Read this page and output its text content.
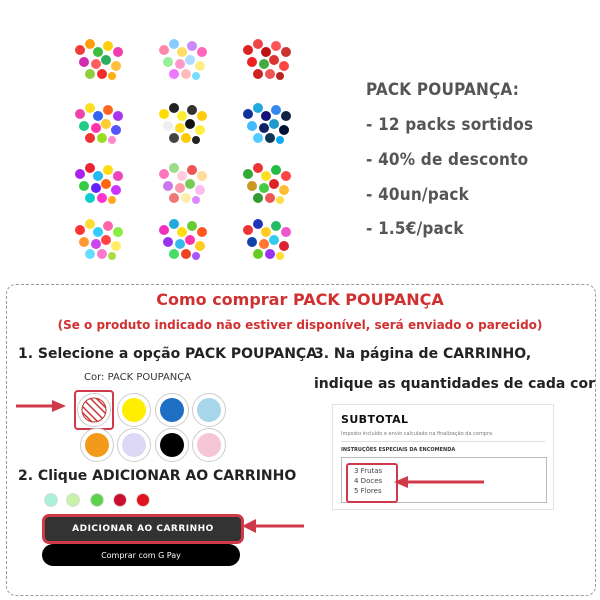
PACK POUPANÇA:
- 12 packs sortidos
- 40% de desconto
- 40un/pack
- 1.5€/pack
Como comprar PACK POUPANÇA
(Se o produto indicado não estiver disponível, será enviado o parecido)
1. Selecione a opção PACK POUPANÇA
3. Na página de CARRINHO,
indique as quantidades de cada cor
Cor: PACK POUPANÇA
2. Clique ADICIONAR AO CARRINHO
ADICIONAR AO CARRINHO
Comprar com G Pay
SUBTOTAL
Imposto incluído e envio calculado na finalização da compra
INSTRUÇÕES ESPECIAIS DA ENCOMENDA
3 Frutas
4 Doces
5 Flores
